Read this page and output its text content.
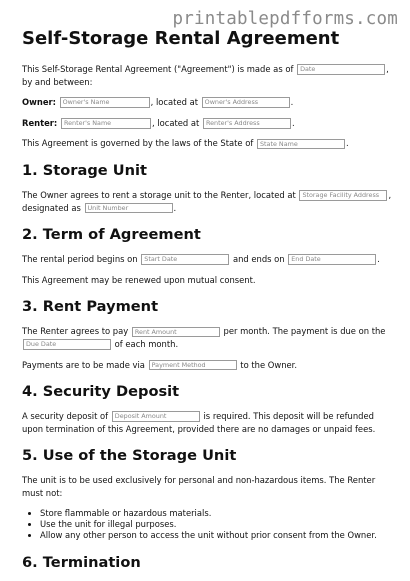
printablepdfforms.com
Self-Storage Rental Agreement

This Self-Storage Rental Agreement ("Agreement") is made as of Date	,
by and between:

Owner: Owner's Name	, located at Owner's Address	.

Renter: Renter's Name	, located at Renter's Address	.

This Agreement is governed by the laws of the State of State Name	.

1. Storage Unit

The Owner agrees to rent a storage unit to the Renter, located at Storage Facility Address ,
designated as Unit Number	.

2. Term of Agreement

The rental period begins on Start Date	and ends on End Date	.

This Agreement may be renewed upon mutual consent.

3. Rent Payment

The Renter agrees to pay Rent Amount	per month. The payment is due on the
Due Date	of each month.

Payments are to be made via Payment Method	to the Owner.

4. Security Deposit

A security deposit of Deposit Amount	is required. This deposit will be refunded upon termination of this Agreement, provided there are no damages or unpaid fees.

5. Use of the Storage Unit

The unit is to be used exclusively for personal and non-hazardous items. The Renter must not:

• Store flammable or hazardous materials.
• Use the unit for illegal purposes.
• Allow any other person to access the unit without prior consent from the Owner.
6. Termination
